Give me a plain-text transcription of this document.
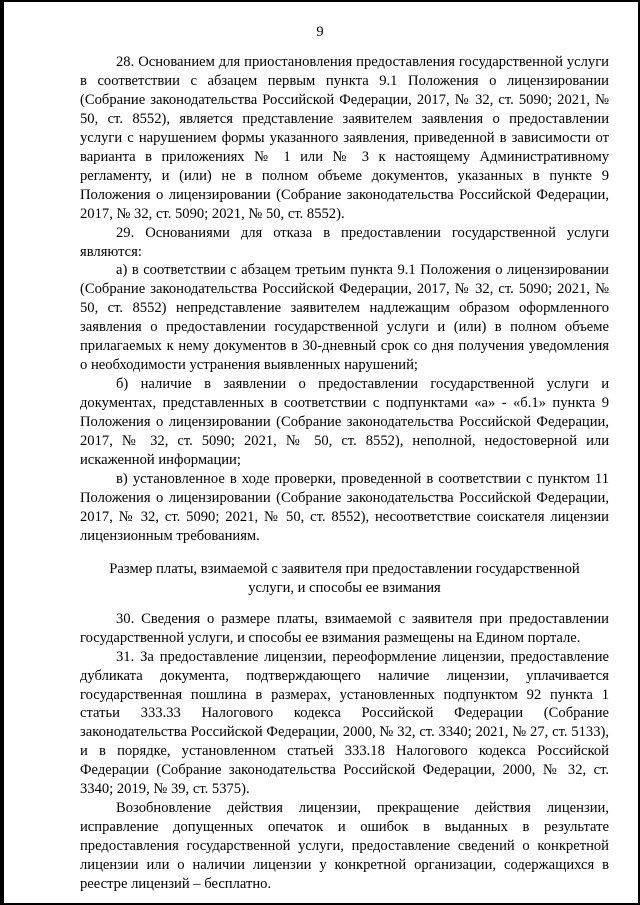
9

28. Основанием для приостановления предоставления государственной услуги в соответствии с абзацем первым пункта 9.1 Положения о лицензировании (Собрание законодательства Российской Федерации, 2017, № 32, ст. 5090; 2021, № 50, ст. 8552), является представление заявителем заявления о предоставлении услуги с нарушением формы указанного заявления, приведенной в зависимости от варианта в приложениях № 1 или № 3 к настоящему Административному регламенту, и (или) не в полном объеме документов, указанных в пункте 9 Положения о лицензировании (Собрание законодательства Российской Федерации, 2017, № 32, ст. 5090; 2021, № 50, ст. 8552).

29. Основаниями для отказа в предоставлении государственной услуги являются:

а) в соответствии с абзацем третьим пункта 9.1 Положения о лицензировании (Собрание законодательства Российской Федерации, 2017, № 32, ст. 5090; 2021, № 50, ст. 8552) непредставление заявителем надлежащим образом оформленного заявления о предоставлении государственной услуги и (или) в полном объеме прилагаемых к нему документов в 30-дневный срок со дня получения уведомления о необходимости устранения выявленных нарушений;

б) наличие в заявлении о предоставлении государственной услуги и документах, представленных в соответствии с подпунктами «а» - «б.1» пункта 9 Положения о лицензировании (Собрание законодательства Российской Федерации, 2017, № 32, ст. 5090; 2021, № 50, ст. 8552), неполной, недостоверной или искаженной информации;

в) установленное в ходе проверки, проведенной в соответствии с пунктом 11 Положения о лицензировании (Собрание законодательства Российской Федерации, 2017, № 32, ст. 5090; 2021, № 50, ст. 8552), несоответствие соискателя лицензии лицензионным требованиям.

Размер платы, взимаемой с заявителя при предоставлении государственной услуги, и способы ее взимания

30. Сведения о размере платы, взимаемой с заявителя при предоставлении государственной услуги, и способы ее взимания размещены на Едином портале.

31. За предоставление лицензии, переоформление лицензии, предоставление дубликата документа, подтверждающего наличие лицензии, уплачивается государственная пошлина в размерах, установленных подпунктом 92 пункта 1 статьи 333.33 Налогового кодекса Российской Федерации (Собрание законодательства Российской Федерации, 2000, № 32, ст. 3340; 2021, № 27, ст. 5133), и в порядке, установленном статьей 333.18 Налогового кодекса Российской Федерации (Собрание законодательства Российской Федерации, 2000, № 32, ст. 3340; 2019, № 39, ст. 5375).

Возобновление действия лицензии, прекращение действия лицензии, исправление допущенных опечаток и ошибок в выданных в результате предоставления государственной услуги, предоставление сведений о конкретной лицензии или о наличии лицензии у конкретной организации, содержащихся в реестре лицензий – бесплатно.
